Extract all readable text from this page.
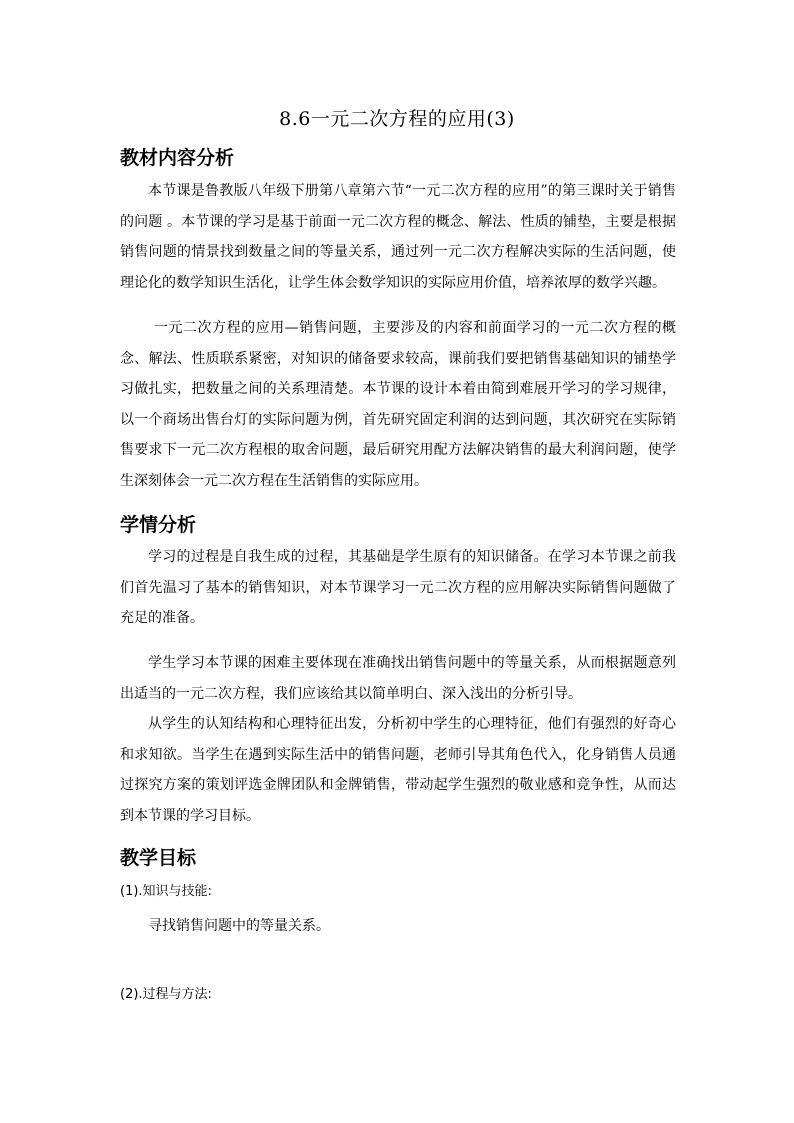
8.6一元二次方程的应用(3)
教材内容分析

本节课是鲁教版八年级下册第八章第六节“一元二次方程的应用”的第三课时关于销售的问题 。本节课的学习是基于前面一元二次方程的概念、解法、性质的铺垫，主要是根据销售问题的情景找到数量之间的等量关系，通过列一元二次方程解决实际的生活问题，使理论化的数学知识生活化，让学生体会数学知识的实际应用价值，培养浓厚的数学兴趣。

一元二次方程的应用—销售问题，主要涉及的内容和前面学习的一元二次方程的概念、解法、性质联系紧密，对知识的储备要求较高，课前我们要把销售基础知识的铺垫学习做扎实，把数量之间的关系理清楚。本节课的设计本着由简到难展开学习的学习规律，以一个商场出售台灯的实际问题为例，首先研究固定利润的达到问题，其次研究在实际销售要求下一元二次方程根的取舍问题，最后研究用配方法解决销售的最大利润问题，使学生深刻体会一元二次方程在生活销售的实际应用。

学情分析

学习的过程是自我生成的过程，其基础是学生原有的知识储备。在学习本节课之前我们首先温习了基本的销售知识，对本节课学习一元二次方程的应用解决实际销售问题做了充足的准备。

学生学习本节课的困难主要体现在准确找出销售问题中的等量关系，从而根据题意列出适当的一元二次方程，我们应该给其以简单明白、深入浅出的分析引导。

从学生的认知结构和心理特征出发，分析初中学生的心理特征，他们有强烈的好奇心和求知欲。当学生在遇到实际生活中的销售问题，老师引导其角色代入，化身销售人员通过探究方案的策划评选金牌团队和金牌销售，带动起学生强烈的敬业感和竞争性，从而达到本节课的学习目标。

教学目标
(1).知识与技能:
寻找销售问题中的等量关系。
(2).过程与方法:
